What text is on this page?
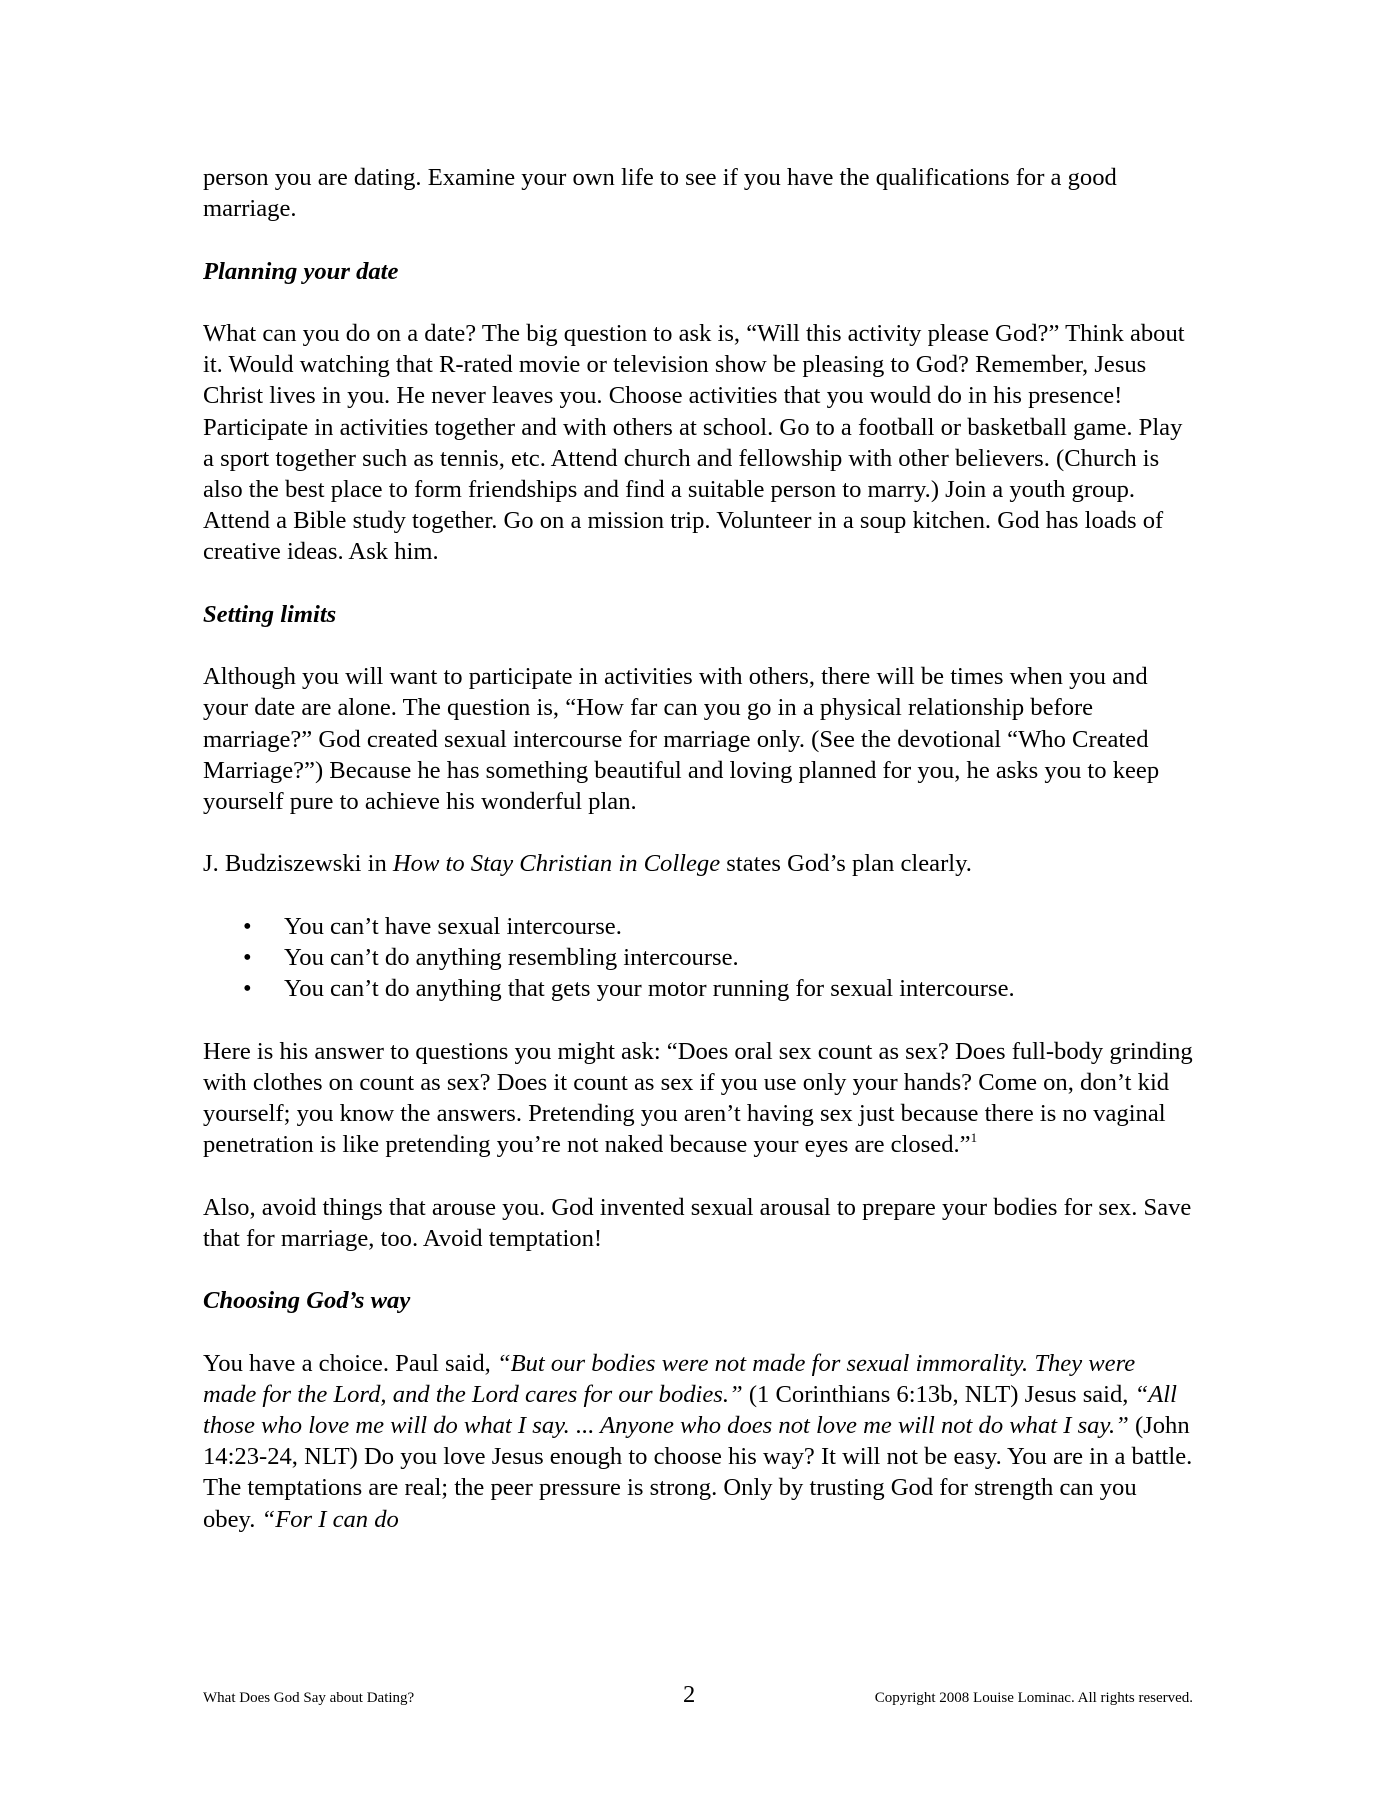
person you are dating. Examine your own life to see if you have the qualifications for a good marriage.

Planning your date

What can you do on a date? The big question to ask is, “Will this activity please God?” Think about it. Would watching that R-rated movie or television show be pleasing to God? Remember, Jesus Christ lives in you. He never leaves you. Choose activities that you would do in his presence! Participate in activities together and with others at school. Go to a football or basketball game. Play a sport together such as tennis, etc. Attend church and fellowship with other believers. (Church is also the best place to form friendships and find a suitable person to marry.) Join a youth group. Attend a Bible study together. Go on a mission trip. Volunteer in a soup kitchen. God has loads of creative ideas. Ask him.

Setting limits

Although you will want to participate in activities with others, there will be times when you and your date are alone. The question is, “How far can you go in a physical relationship before marriage?” God created sexual intercourse for marriage only. (See the devotional “Who Created Marriage?”) Because he has something beautiful and loving planned for you, he asks you to keep yourself pure to achieve his wonderful plan.

J. Budziszewski in How to Stay Christian in College states God’s plan clearly.

• You can’t have sexual intercourse.
• You can’t do anything resembling intercourse.
• You can’t do anything that gets your motor running for sexual intercourse.

Here is his answer to questions you might ask: “Does oral sex count as sex? Does full-body grinding with clothes on count as sex? Does it count as sex if you use only your hands? Come on, don’t kid yourself; you know the answers. Pretending you aren’t having sex just because there is no vaginal penetration is like pretending you’re not naked because your eyes are closed.”$^1$

Also, avoid things that arouse you. God invented sexual arousal to prepare your bodies for sex. Save that for marriage, too. Avoid temptation!

Choosing God’s way

You have a choice. Paul said, “But our bodies were not made for sexual immorality. They were made for the Lord, and the Lord cares for our bodies.” (1 Corinthians 6:13b, NLT) Jesus said, “All those who love me will do what I say. ... Anyone who does not love me will not do what I say.” (John 14:23-24, NLT) Do you love Jesus enough to choose his way? It will not be easy. You are in a battle. The temptations are real; the peer pressure is strong. Only by trusting God for strength can you obey. “For I can do

What Does God Say about Dating?	2	Copyright 2008 Louise Lominac. All rights reserved.
